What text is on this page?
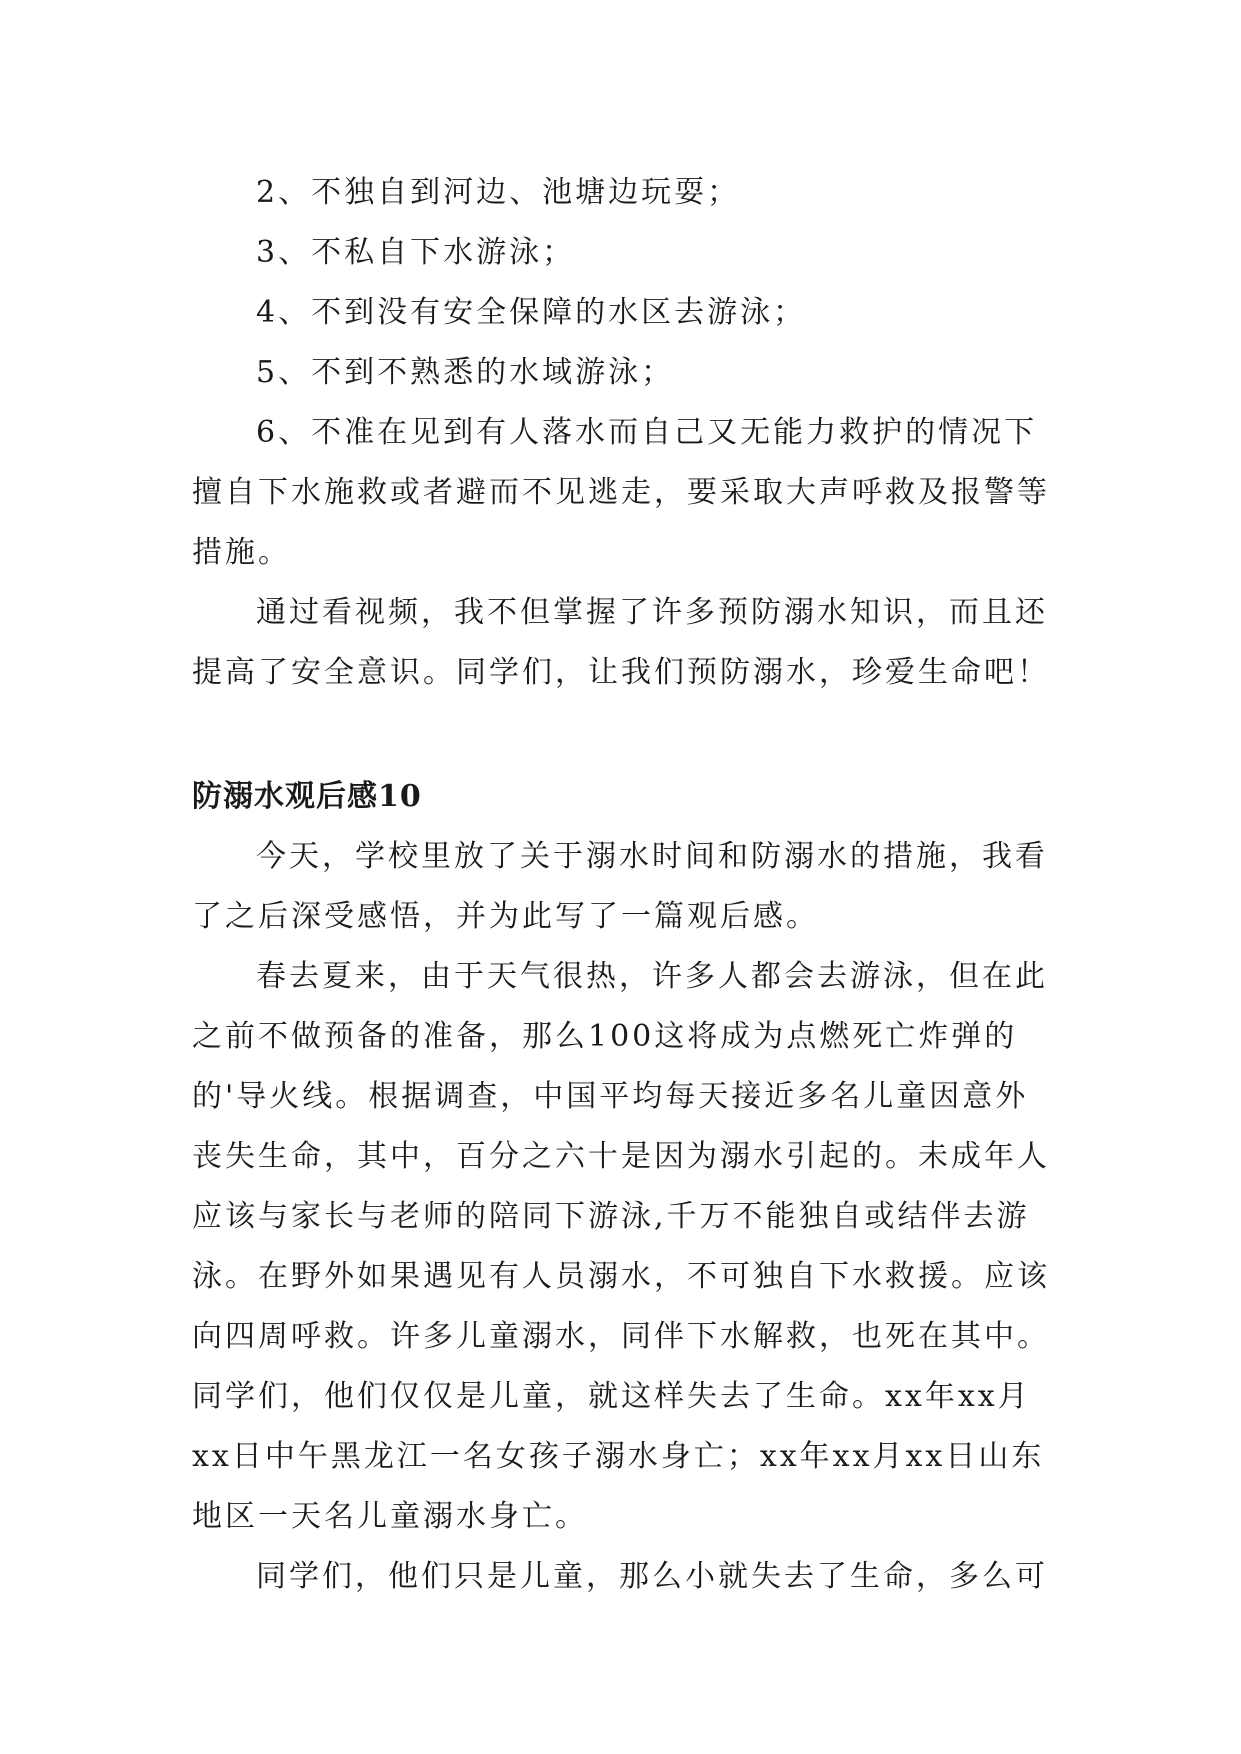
2、不独自到河边、池塘边玩耍；

3、不私自下水游泳；

4、不到没有安全保障的水区去游泳；

5、不到不熟悉的水域游泳；

6、不准在见到有人落水而自己又无能力救护的情况下擅自下水施救或者避而不见逃走，要采取大声呼救及报警等措施。

通过看视频，我不但掌握了许多预防溺水知识，而且还提高了安全意识。同学们，让我们预防溺水，珍爱生命吧！

防溺水观后感10

今天，学校里放了关于溺水时间和防溺水的措施，我看了之后深受感悟，并为此写了一篇观后感。

春去夏来，由于天气很热，许多人都会去游泳，但在此之前不做预备的准备，那么100这将成为点燃死亡炸弹的的'导火线。根据调查，中国平均每天接近多名儿童因意外丧失生命，其中，百分之六十是因为溺水引起的。未成年人应该与家长与老师的陪同下游泳,千万不能独自或结伴去游泳。在野外如果遇见有人员溺水，不可独自下水救援。应该向四周呼救。许多儿童溺水，同伴下水解救，也死在其中。同学们，他们仅仅是儿童，就这样失去了生命。xx年xx月xx日中午黑龙江一名女孩子溺水身亡；xx年xx月xx日山东地区一天名儿童溺水身亡。

同学们，他们只是儿童，那么小就失去了生命，多么可
